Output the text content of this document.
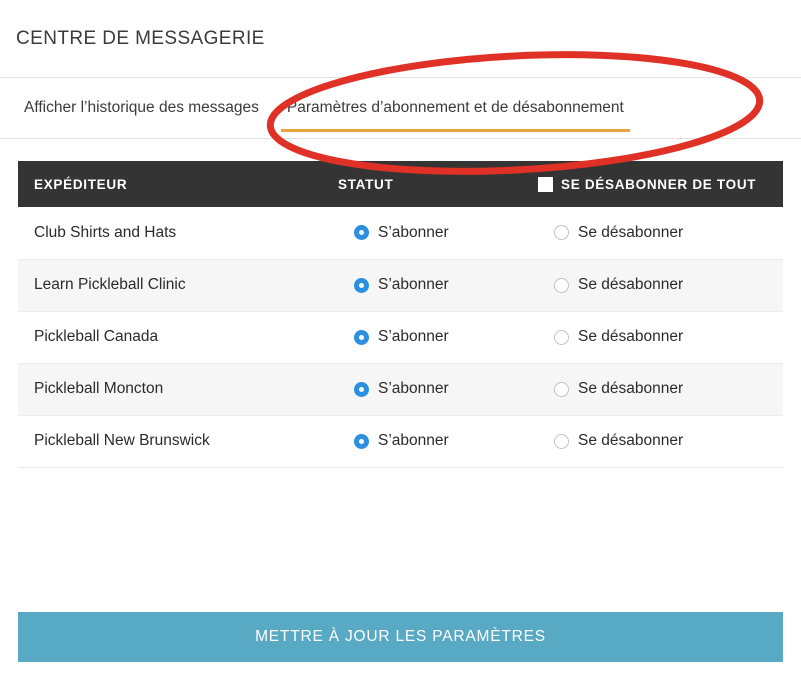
CENTRE DE MESSAGERIE
Afficher l’historique des messages Paramètres d’abonnement et de désabonnement
EXPÉDITEUR	STATUT	SE DÉSABONNER DE TOUT

Club Shirts and Hats	S’abonner	Se désabonner

Learn Pickleball Clinic	S’abonner	Se désabonner

Pickleball Canada	S’abonner	Se désabonner

Pickleball Moncton	S’abonner	Se désabonner

Pickleball New Brunswick	S’abonner	Se désabonner
METTRE À JOUR LES PARAMÈTRES
